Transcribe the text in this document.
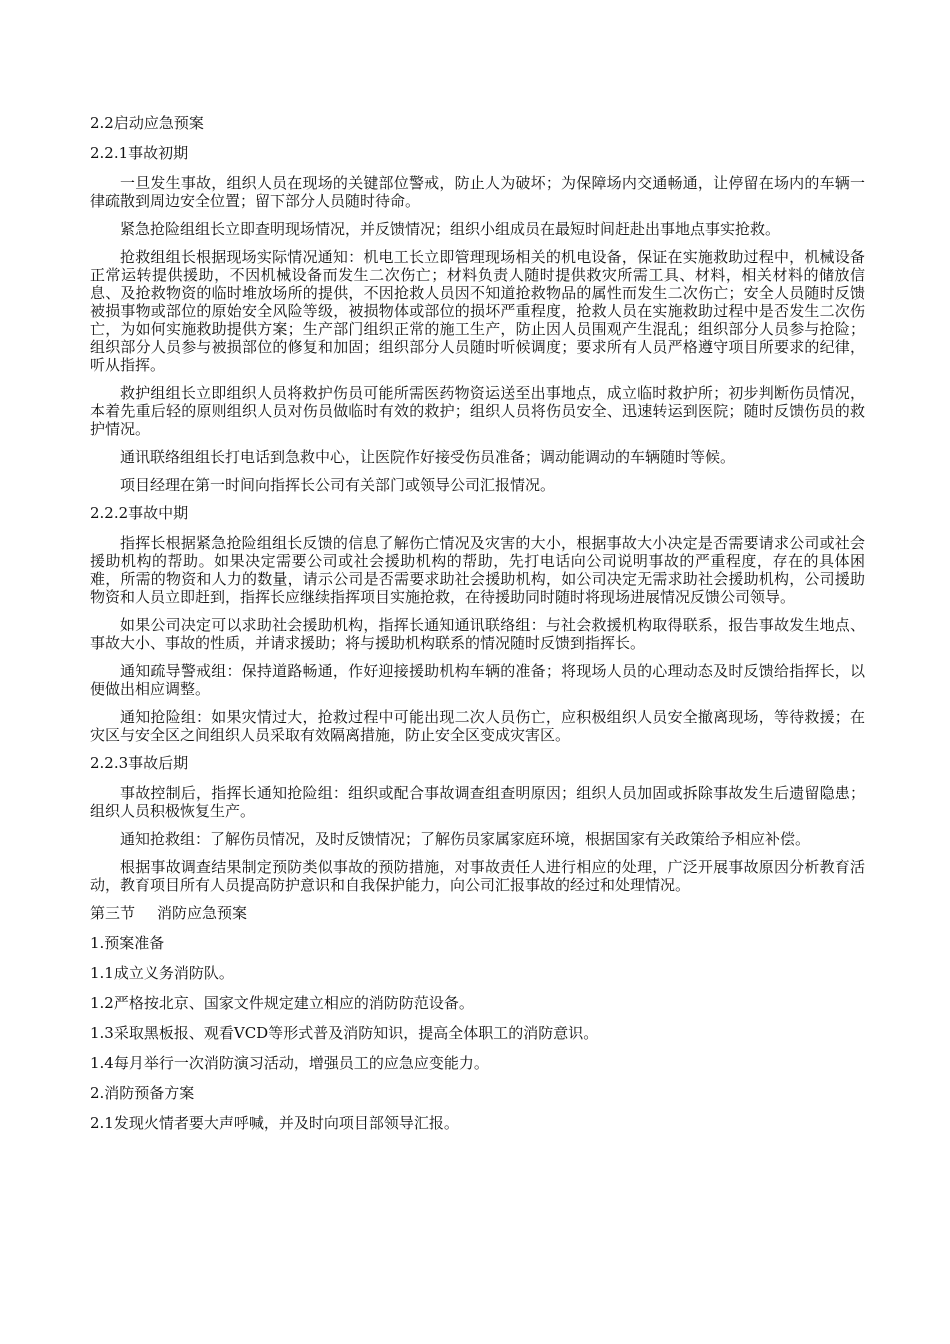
2.2启动应急预案
2.2.1事故初期
一旦发生事故，组织人员在现场的关键部位警戒，防止人为破坏；为保障场内交通畅通，让停留在场内的车辆一律疏散到周边安全位置；留下部分人员随时待命。
紧急抢险组组长立即查明现场情况，并反馈情况；组织小组成员在最短时间赶赴出事地点事实抢救。
抢救组组长根据现场实际情况通知：机电工长立即管理现场相关的机电设备，保证在实施救助过程中，机械设备正常运转提供援助，不因机械设备而发生二次伤亡；材料负责人随时提供救灾所需工具、材料，相关材料的储放信息、及抢救物资的临时堆放场所的提供，不因抢救人员因不知道抢救物品的属性而发生二次伤亡；安全人员随时反馈被损事物或部位的原始安全风险等级，被损物体或部位的损坏严重程度，抢救人员在实施救助过程中是否发生二次伤亡，为如何实施救助提供方案；生产部门组织正常的施工生产，防止因人员围观产生混乱；组织部分人员参与抢险；组织部分人员参与被损部位的修复和加固；组织部分人员随时听候调度；要求所有人员严格遵守项目所要求的纪律，听从指挥。
救护组组长立即组织人员将救护伤员可能所需医药物资运送至出事地点，成立临时救护所；初步判断伤员情况，本着先重后轻的原则组织人员对伤员做临时有效的救护；组织人员将伤员安全、迅速转运到医院；随时反馈伤员的救护情况。
通讯联络组组长打电话到急救中心，让医院作好接受伤员准备；调动能调动的车辆随时等候。
项目经理在第一时间向指挥长公司有关部门或领导公司汇报情况。
2.2.2事故中期
指挥长根据紧急抢险组组长反馈的信息了解伤亡情况及灾害的大小，根据事故大小决定是否需要请求公司或社会援助机构的帮助。如果决定需要公司或社会援助机构的帮助，先打电话向公司说明事故的严重程度，存在的具体困难，所需的物资和人力的数量，请示公司是否需要求助社会援助机构，如公司决定无需求助社会援助机构，公司援助物资和人员立即赶到，指挥长应继续指挥项目实施抢救，在待援助同时随时将现场进展情况反馈公司领导。
如果公司决定可以求助社会援助机构，指挥长通知通讯联络组：与社会救援机构取得联系，报告事故发生地点、事故大小、事故的性质，并请求援助；将与援助机构联系的情况随时反馈到指挥长。
通知疏导警戒组：保持道路畅通，作好迎接援助机构车辆的准备；将现场人员的心理动态及时反馈给指挥长，以便做出相应调整。
通知抢险组：如果灾情过大，抢救过程中可能出现二次人员伤亡，应积极组织人员安全撤离现场，等待救援；在灾区与安全区之间组织人员采取有效隔离措施，防止安全区变成灾害区。
2.2.3事故后期
事故控制后，指挥长通知抢险组：组织或配合事故调查组查明原因；组织人员加固或拆除事故发生后遗留隐患；组织人员积极恢复生产。
通知抢救组：了解伤员情况，及时反馈情况；了解伤员家属家庭环境，根据国家有关政策给予相应补偿。
根据事故调查结果制定预防类似事故的预防措施，对事故责任人进行相应的处理，广泛开展事故原因分析教育活动，教育项目所有人员提高防护意识和自我保护能力，向公司汇报事故的经过和处理情况。
第三节 消防应急预案
1.预案准备
1.1成立义务消防队。
1.2严格按北京、国家文件规定建立相应的消防防范设备。
1.3采取黑板报、观看VCD等形式普及消防知识，提高全体职工的消防意识。
1.4每月举行一次消防演习活动，增强员工的应急应变能力。
2.消防预备方案
2.1发现火情者要大声呼喊，并及时向项目部领导汇报。
